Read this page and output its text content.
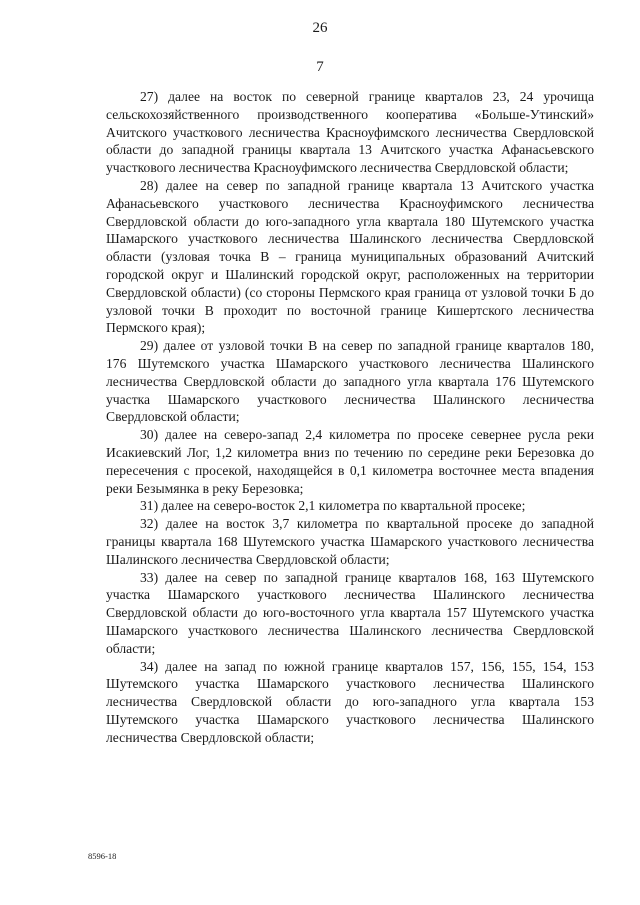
26
7

27) далее на восток по северной границе кварталов 23, 24 урочища сельскохозяйственного производственного кооператива «Больше-Утинский» Ачитского участкового лесничества Красноуфимского лесничества Свердловской области до западной границы квартала 13 Ачитского участка Афанасьевского участкового лесничества Красноуфимского лесничества Свердловской области;

28) далее на север по западной границе квартала 13 Ачитского участка Афанасьевского участкового лесничества Красноуфимского лесничества Свердловской области до юго-западного угла квартала 180 Шутемского участка Шамарского участкового лесничества Шалинского лесничества Свердловской области (узловая точка В – граница муниципальных образований Ачитский городской округ и Шалинский городской округ, расположенных на территории Свердловской области) (со стороны Пермского края граница от узловой точки Б до узловой точки В проходит по восточной границе Кишертского лесничества Пермского края);

29) далее от узловой точки В на север по западной границе кварталов 180, 176 Шутемского участка Шамарского участкового лесничества Шалинского лесничества Свердловской области до западного угла квартала 176 Шутемского участка Шамарского участкового лесничества Шалинского лесничества Свердловской области;

30) далее на северо-запад 2,4 километра по просеке севернее русла реки Исакиевский Лог, 1,2 километра вниз по течению по середине реки Березовка до пересечения с просекой, находящейся в 0,1 километра восточнее места впадения реки Безымянка в реку Березовка;

31) далее на северо-восток 2,1 километра по квартальной просеке;

32) далее на восток 3,7 километра по квартальной просеке до западной границы квартала 168 Шутемского участка Шамарского участкового лесничества Шалинского лесничества Свердловской области;

33) далее на север по западной границе кварталов 168, 163 Шутемского участка Шамарского участкового лесничества Шалинского лесничества Свердловской области до юго-восточного угла квартала 157 Шутемского участка Шамарского участкового лесничества Шалинского лесничества Свердловской области;

34) далее на запад по южной границе кварталов 157, 156, 155, 154, 153 Шутемского участка Шамарского участкового лесничества Шалинского лесничества Свердловской области до юго-западного угла квартала 153 Шутемского участка Шамарского участкового лесничества Шалинского лесничества Свердловской области;

8596-18
